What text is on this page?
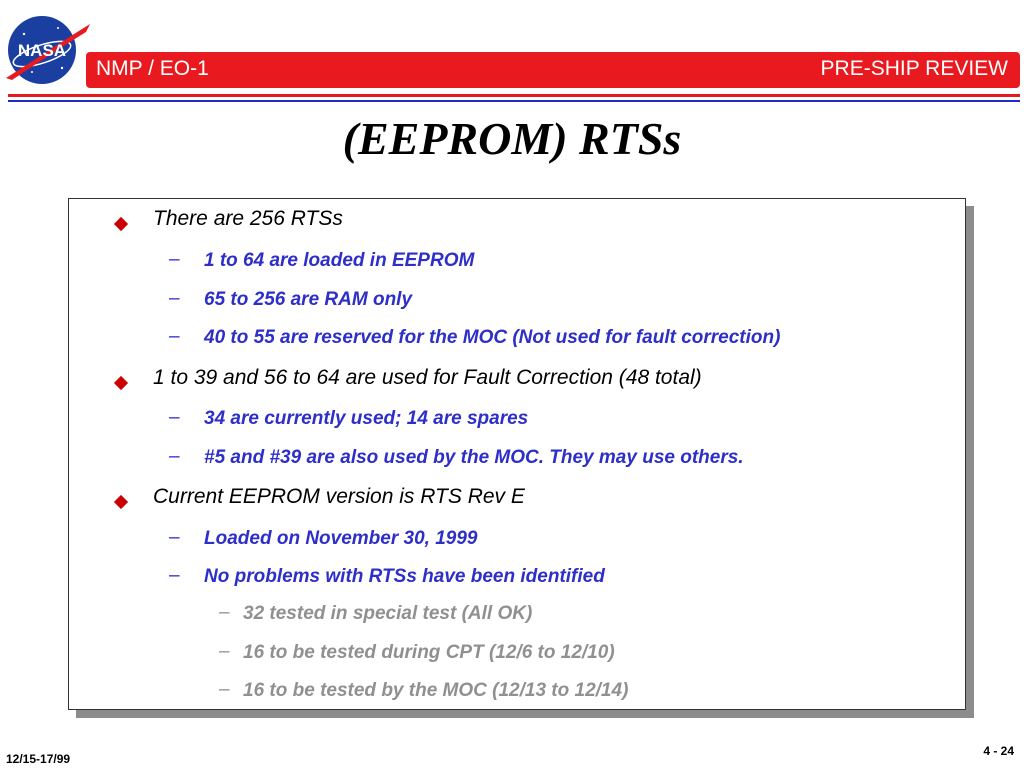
NASA
NMP / EO-1	PRE-SHIP REVIEW
(EEPROM) RTSs
There are 256 RTSs
– 1 to 64 are loaded in EEPROM
– 65 to 256 are RAM only
– 40 to 55 are reserved for the MOC (Not used for fault correction)
1 to 39 and 56 to 64 are used for Fault Correction (48 total)
– 34 are currently used; 14 are spares
– #5 and #39 are also used by the MOC. They may use others.
Current EEPROM version is RTS Rev E
– Loaded on November 30, 1999
– No problems with RTSs have been identified
– 32 tested in special test (All OK)
– 16 to be tested during CPT (12/6 to 12/10)
– 16 to be tested by the MOC (12/13 to 12/14)
12/15-17/99
4 - 24
